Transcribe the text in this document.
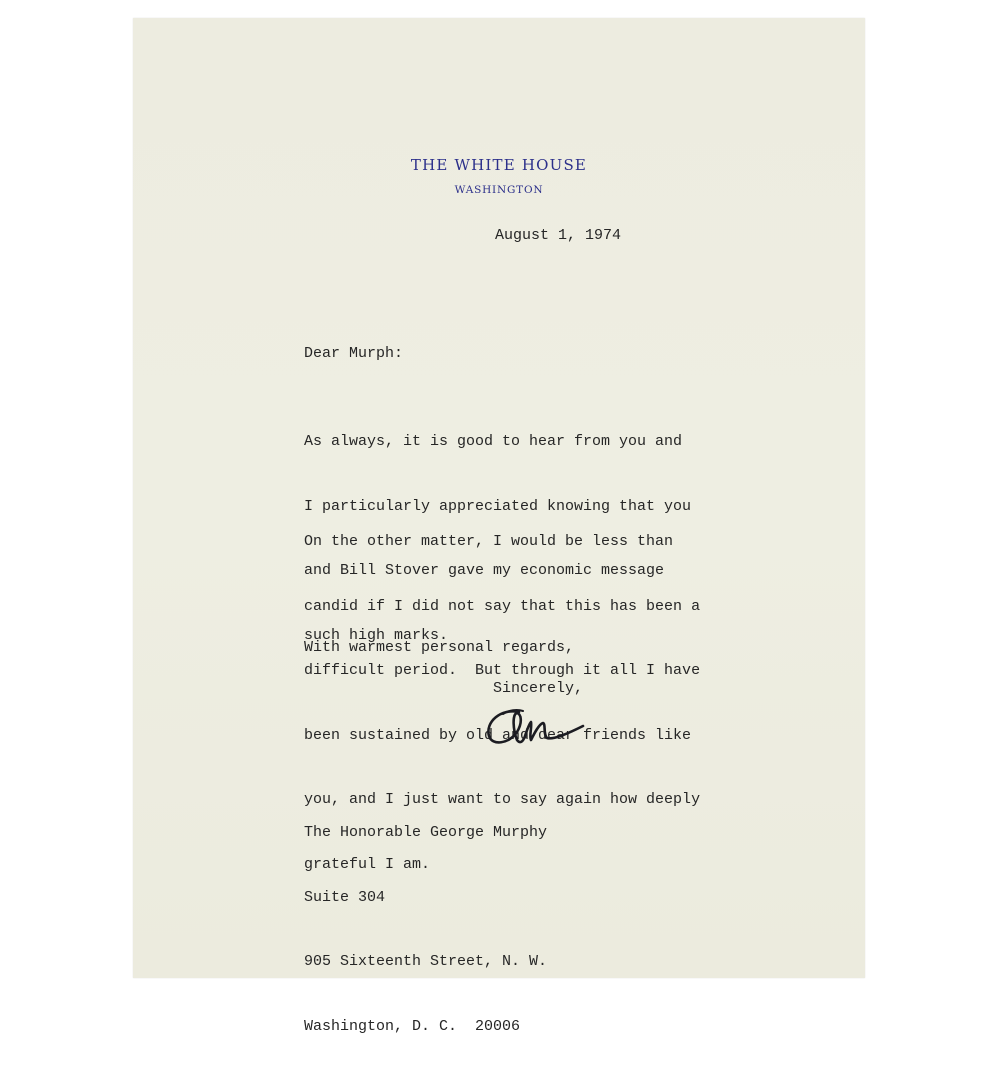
THE WHITE HOUSE

WASHINGTON

August 1, 1974

Dear Murph:

As always, it is good to hear from you and

I particularly appreciated knowing that you

and Bill Stover gave my economic message

such high marks.

On the other matter, I would be less than

candid if I did not say that this has been a

difficult period.  But through it all I have

been sustained by old and dear friends like

you, and I just want to say again how deeply

grateful I am.

With warmest personal regards,

Sincerely,

The Honorable George Murphy

Suite 304

905 Sixteenth Street, N. W.

Washington, D. C.  20006
